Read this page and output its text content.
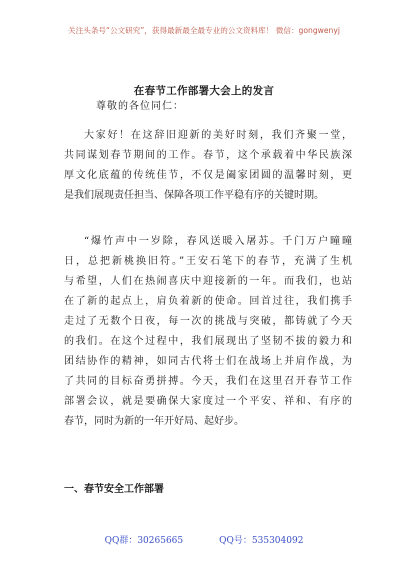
关注头条号“公文研究”，获得最新最全最专业的公文资料库！ 微信：gongwenyj
在春节工作部署大会上的发言
尊敬的各位同仁：
大家好！在这辞旧迎新的美好时刻，我们齐聚一堂，
共同谋划春节期间的工作。春节，这个承载着中华民族深
厚文化底蕴的传统佳节，不仅是阖家团圆的温馨时刻，更
是我们展现责任担当、保障各项工作平稳有序的关键时期。
“爆竹声中一岁除，春风送暖入屠苏。千门万户曈曈
日，总把新桃换旧符。”王安石笔下的春节，充满了生机
与希望，人们在热闹喜庆中迎接新的一年。而我们，也站
在了新的起点上，肩负着新的使命。回首过往，我们携手
走过了无数个日夜，每一次的挑战与突破，都铸就了今天
的我们。在这个过程中，我们展现出了坚韧不拔的毅力和
团结协作的精神，如同古代将士们在战场上并肩作战，为
了共同的目标奋勇拼搏。今天，我们在这里召开春节工作
部署会议，就是要确保大家度过一个平安、祥和、有序的
春节，同时为新的一年开好局、起好步。
一、春节安全工作部署
QQ群：30265665	QQ号：535304092
